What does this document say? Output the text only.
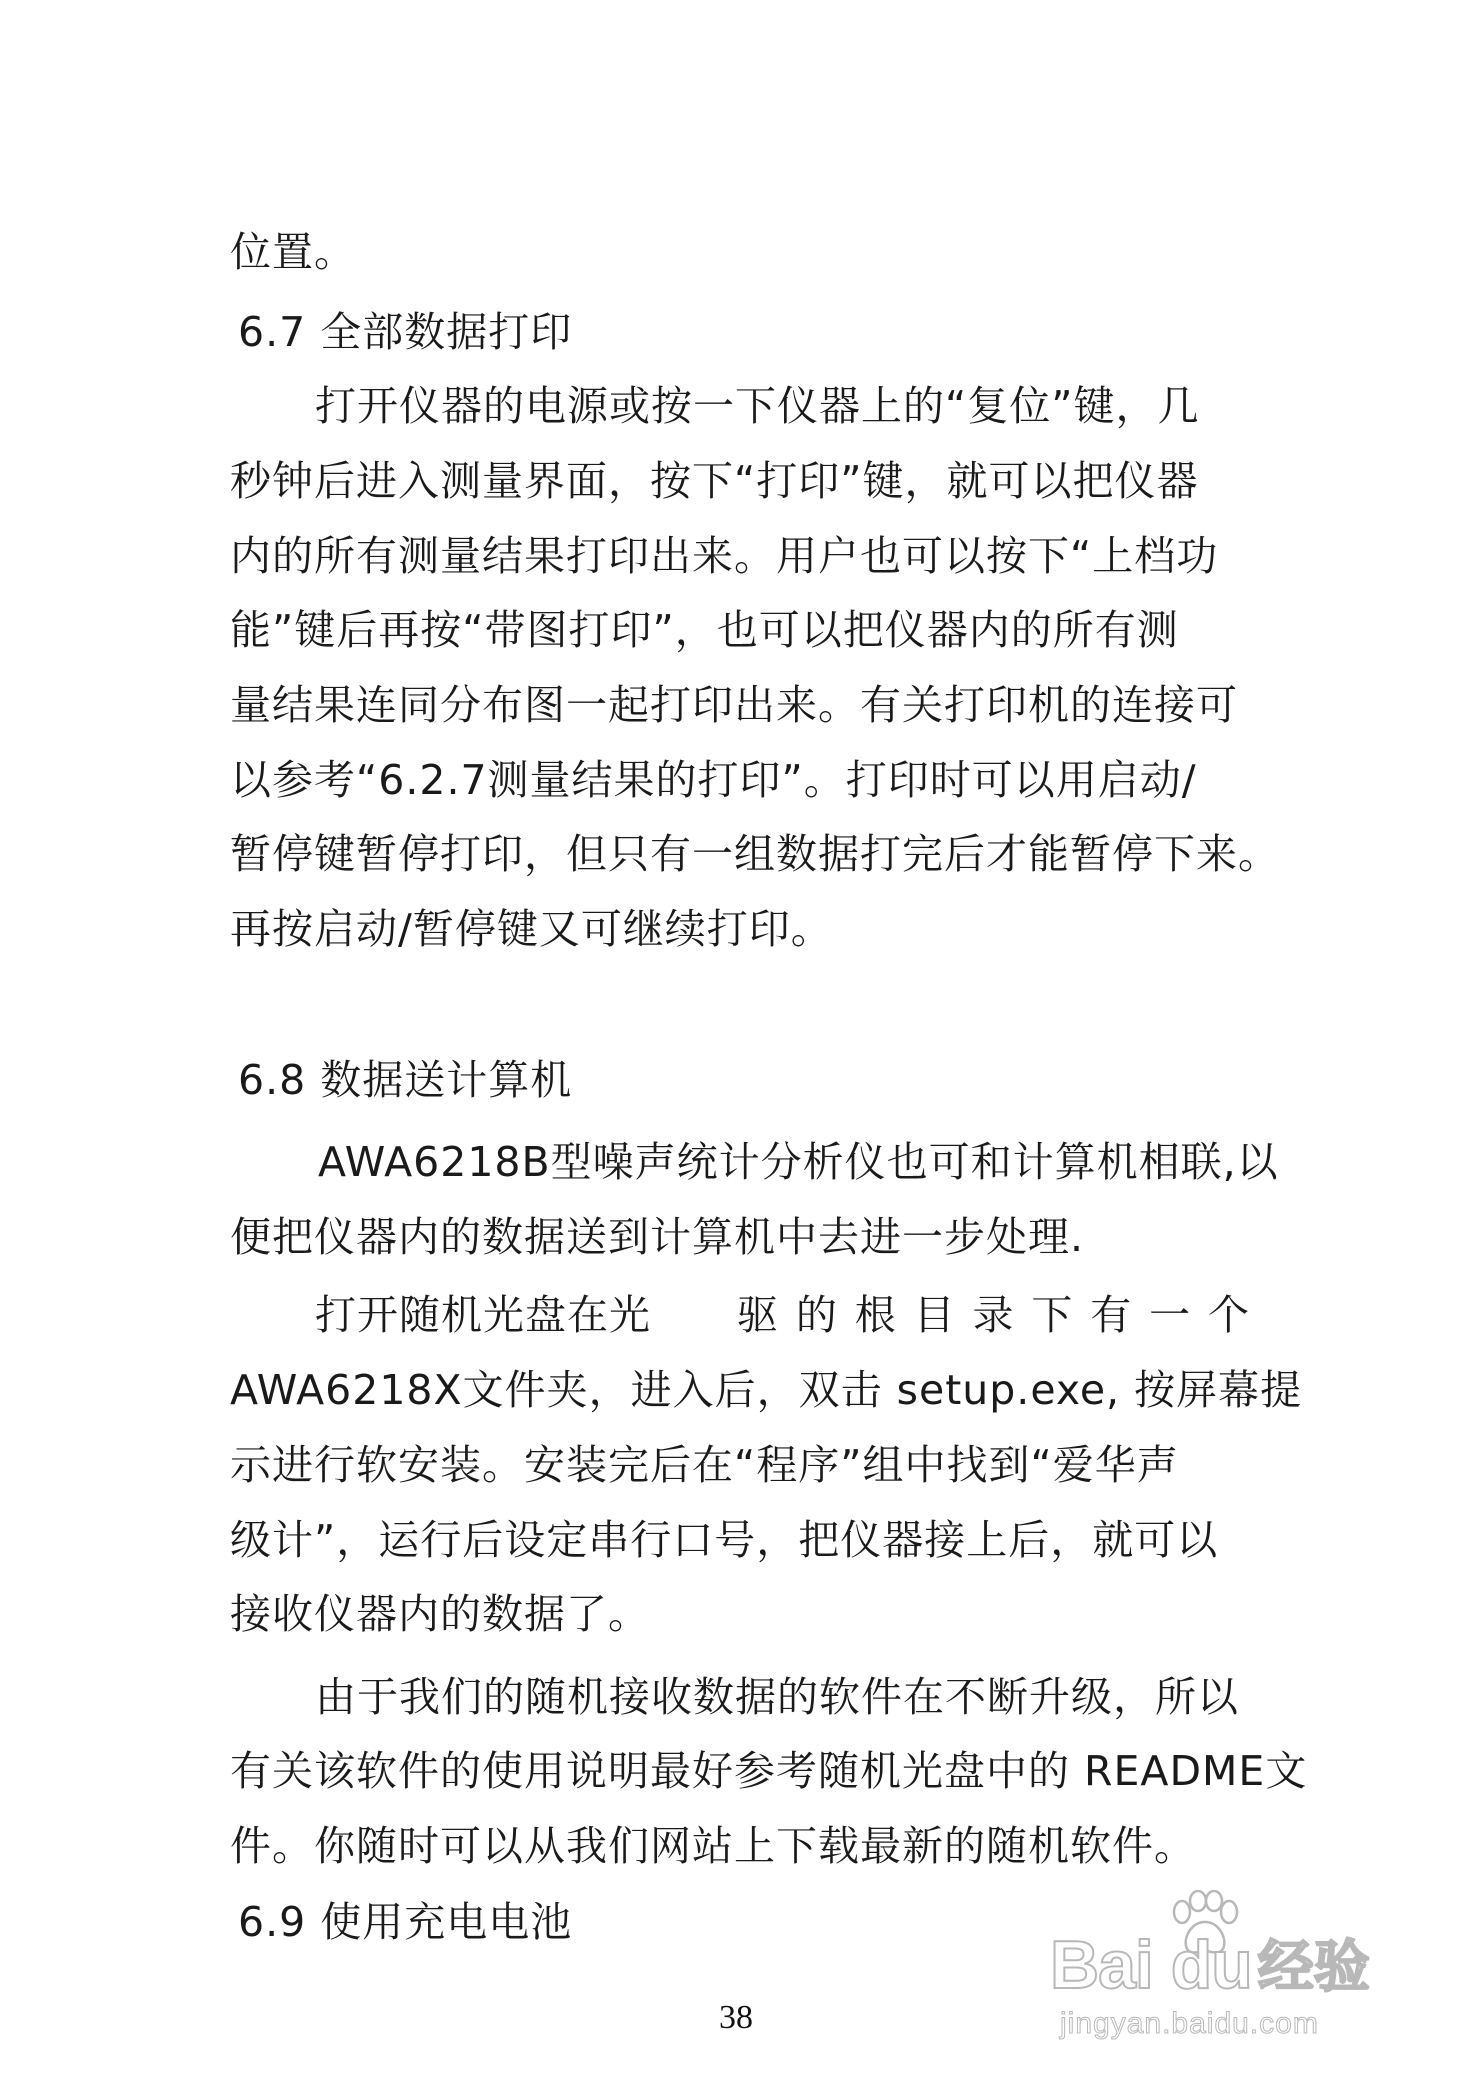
位置。
6.7 全部数据打印
打开仪器的电源或按一下仪器上的“复位”键，几
秒钟后进入测量界面，按下“打印”键，就可以把仪器
内的所有测量结果打印出来。用户也可以按下“上档功
能”键后再按“带图打印”，也可以把仪器内的所有测
量结果连同分布图一起打印出来。有关打印机的连接可
以参考“6.2.7测量结果的打印”。打印时可以用启动/
暂停键暂停打印，但只有一组数据打完后才能暂停下来。
再按启动/暂停键又可继续打印。
6.8 数据送计算机
AWA6218B型噪声统计分析仪也可和计算机相联,以
便把仪器内的数据送到计算机中去进一步处理.
打开随机光盘在光 驱 的 根 目 录 下 有 一 个
AWA6218X文件夹，进入后，双击 setup.exe, 按屏幕提
示进行软安装。安装完后在“程序”组中找到“爱华声
级计”，运行后设定串行口号，把仪器接上后，就可以
接收仪器内的数据了。
由于我们的随机接收数据的软件在不断升级，所以
有关该软件的使用说明最好参考随机光盘中的 README文
件。你随时可以从我们网站上下载最新的随机软件。
6.9 使用充电电池
Bai du 经验
jingyan.baidu.com
38
